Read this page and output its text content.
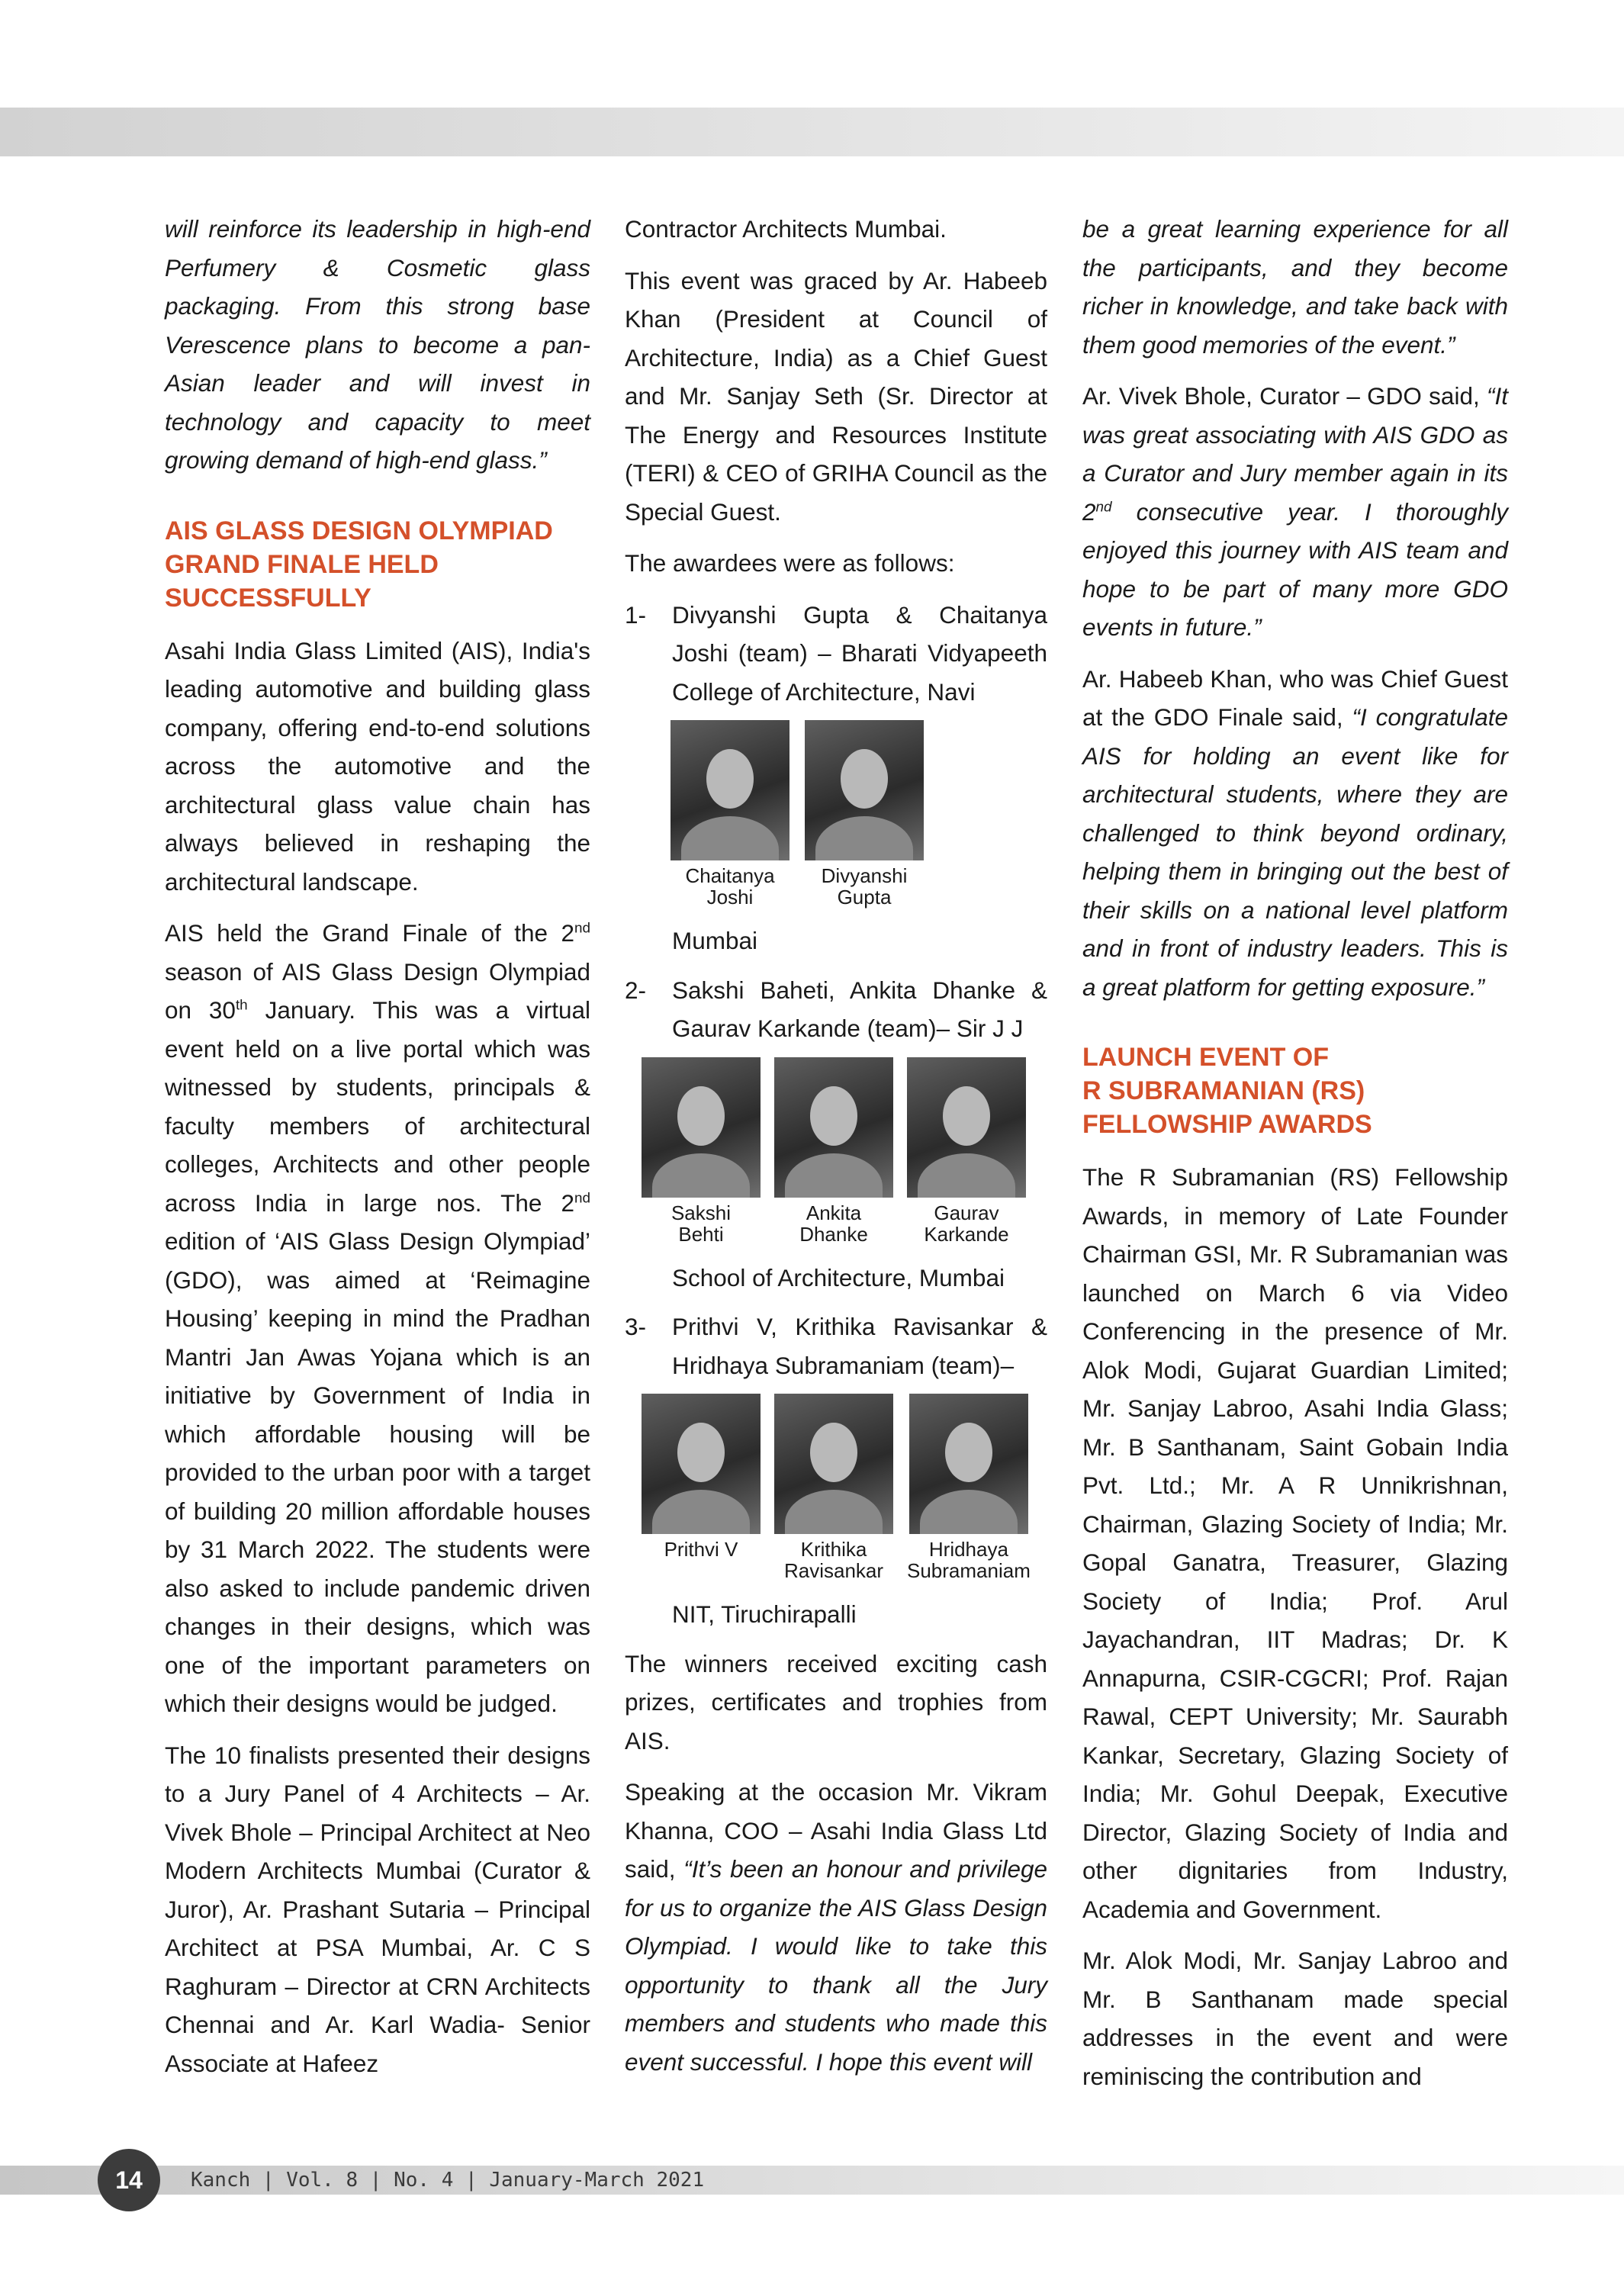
will reinforce its leadership in high-end Perfumery & Cosmetic glass packaging. From this strong base Verescence plans to become a pan-Asian leader and will invest in technology and capacity to meet growing demand of high-end glass.”

AIS GLASS DESIGN OLYMPIAD
GRAND FINALE HELD
SUCCESSFULLY

Asahi India Glass Limited (AIS), India's leading automotive and building glass company, offering end-to-end solutions across the automotive and the architectural glass value chain has always believed in reshaping the architectural landscape.

AIS held the Grand Finale of the 2nd season of AIS Glass Design Olympiad on 30th January. This was a virtual event held on a live portal which was witnessed by students, principals & faculty members of architectural colleges, Architects and other people across India in large nos. The 2nd edition of ‘AIS Glass Design Olympiad’ (GDO), was aimed at ‘Reimagine Housing’ keeping in mind the Pradhan Mantri Jan Awas Yojana which is an initiative by Government of India in which affordable housing will be provided to the urban poor with a target of building 20 million affordable houses by 31 March 2022. The students were also asked to include pandemic driven changes in their designs, which was one of the important parameters on which their designs would be judged.

The 10 finalists presented their designs to a Jury Panel of 4 Architects – Ar. Vivek Bhole – Principal Architect at Neo Modern Architects Mumbai (Curator & Juror), Ar. Prashant Sutaria – Principal Architect at PSA Mumbai, Ar. C S Raghuram – Director at CRN Architects Chennai and Ar. Karl Wadia- Senior Associate at Hafeez

Contractor Architects Mumbai.

This event was graced by Ar. Habeeb Khan (President at Council of Architecture, India) as a Chief Guest and Mr. Sanjay Seth (Sr. Director at The Energy and Resources Institute (TERI) & CEO of GRIHA Council as the Special Guest.

The awardees were as follows:

1- Divyanshi Gupta & Chaitanya Joshi (team) – Bharati Vidyapeeth College of Architecture, Navi
Chaitanya
Joshi
Divyanshi
Gupta
Mumbai
2- Sakshi Baheti, Ankita Dhanke & Gaurav Karkande (team)– Sir J J
Sakshi
Behti
Ankita
Dhanke
Gaurav
Karkande
School of Architecture, Mumbai
3- Prithvi V, Krithika Ravisankar & Hridhaya Subramaniam (team)–
Prithvi V	Krithika
Ravisankar
Hridhaya
Subramaniam
NIT, Tiruchirapalli

The winners received exciting cash prizes, certificates and trophies from AIS.

Speaking at the occasion Mr. Vikram Khanna, COO – Asahi India Glass Ltd said, “It’s been an honour and privilege for us to organize the AIS Glass Design Olympiad. I would like to take this opportunity to thank all the Jury members and students who made this event successful. I hope this event will

be a great learning experience for all the participants, and they become richer in knowledge, and take back with them good memories of the event.”

Ar. Vivek Bhole, Curator – GDO said, “It was great associating with AIS GDO as a Curator and Jury member again in its 2nd consecutive year. I thoroughly enjoyed this journey with AIS team and hope to be part of many more GDO events in future.”

Ar. Habeeb Khan, who was Chief Guest at the GDO Finale said, “I congratulate AIS for holding an event like for architectural students, where they are challenged to think beyond ordinary, helping them in bringing out the best of their skills on a national level platform and in front of industry leaders. This is a great platform for getting exposure.”

LAUNCH EVENT OF
R SUBRAMANIAN (RS)
FELLOWSHIP AWARDS

The R Subramanian (RS) Fellowship Awards, in memory of Late Founder Chairman GSI, Mr. R Subramanian was launched on March 6 via Video Conferencing in the presence of Mr. Alok Modi, Gujarat Guardian Limited; Mr. Sanjay Labroo, Asahi India Glass; Mr. B Santhanam, Saint Gobain India Pvt. Ltd.; Mr. A R Unnikrishnan, Chairman, Glazing Society of India; Mr. Gopal Ganatra, Treasurer, Glazing Society of India; Prof. Arul Jayachandran, IIT Madras; Dr. K Annapurna, CSIR-CGCRI; Prof. Rajan Rawal, CEPT University; Mr. Saurabh Kankar, Secretary, Glazing Society of India; Mr. Gohul Deepak, Executive Director, Glazing Society of India and other dignitaries from Industry, Academia and Government.

Mr. Alok Modi, Mr. Sanjay Labroo and Mr. B Santhanam made special addresses in the event and were reminiscing the contribution and

14	Kanch | Vol. 8 | No. 4 | January-March 2021
